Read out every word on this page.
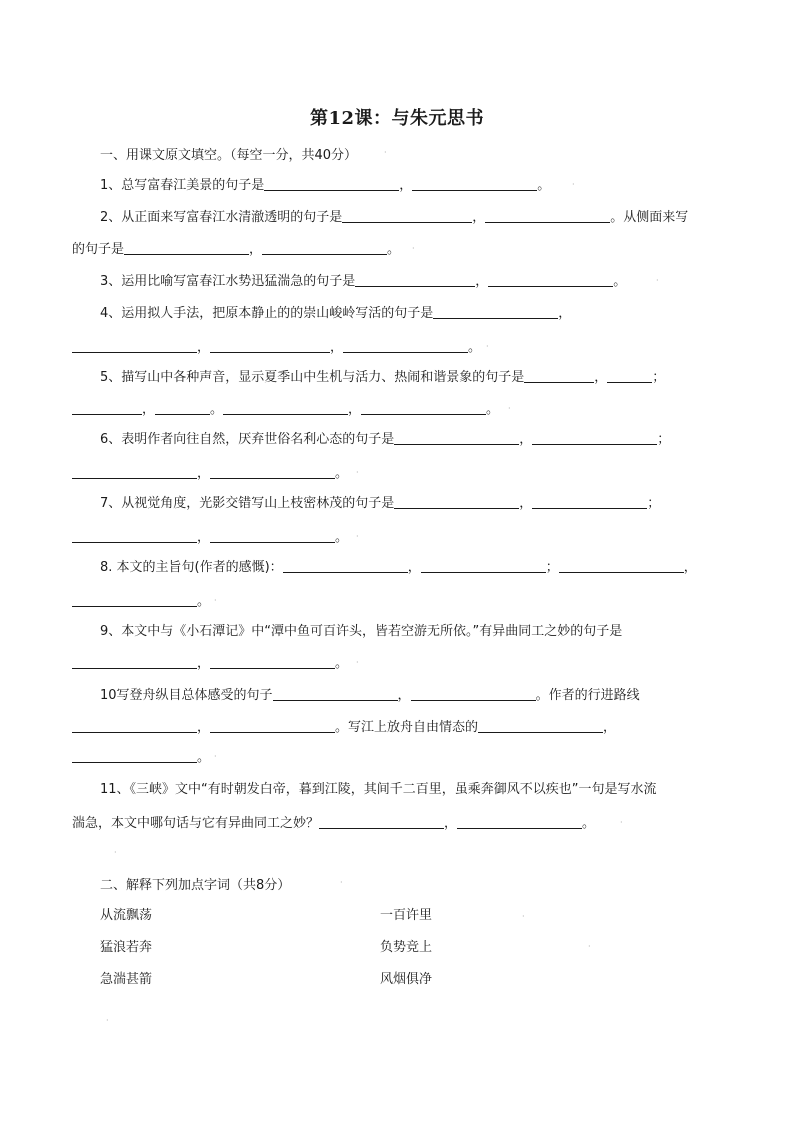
第12课：与朱元思书
一、用课文原文填空。（每空一分，共40分）
1、总写富春江美景的句子是	，	。
2、从正面来写富春江水清澈透明的句子是	，	。从侧面来写
的句子是	，	。
3、运用比喻写富春江水势迅猛湍急的句子是	，	。
4、运用拟人手法，把原本静止的的崇山峻岭写活的句子是	，
，	，	。
5、描写山中各种声音，显示夏季山中生机与活力、热闹和谐景象的句子是	，	；
，	。	，	。
6、表明作者向往自然，厌弃世俗名利心态的句子是	，	；
，	。
7、从视觉角度，光影交错写山上枝密林茂的句子是	，	；
，	。
8. 本文的主旨句(作者的感慨)：	，	；	，
。
9、本文中与《小石潭记》中“潭中鱼可百许头，皆若空游无所依。”有异曲同工之妙的句子是
，	。
10写登舟纵目总体感受的句子	，	。作者的行进路线
，	。写江上放舟自由情态的	，
。
11、《三峡》文中“有时朝发白帝，暮到江陵，其间千二百里，虽乘奔御风不以疾也”一句是写水流
湍急，本文中哪句话与它有异曲同工之妙？	，	。
二、解释下列加点字词（共8分）
从流飘荡	一百许里
猛浪若奔	负势竞上
急湍甚箭	风烟俱净
·
·
·
·
·
·
·
·
·
·
·
·
·
·
·
·
·
